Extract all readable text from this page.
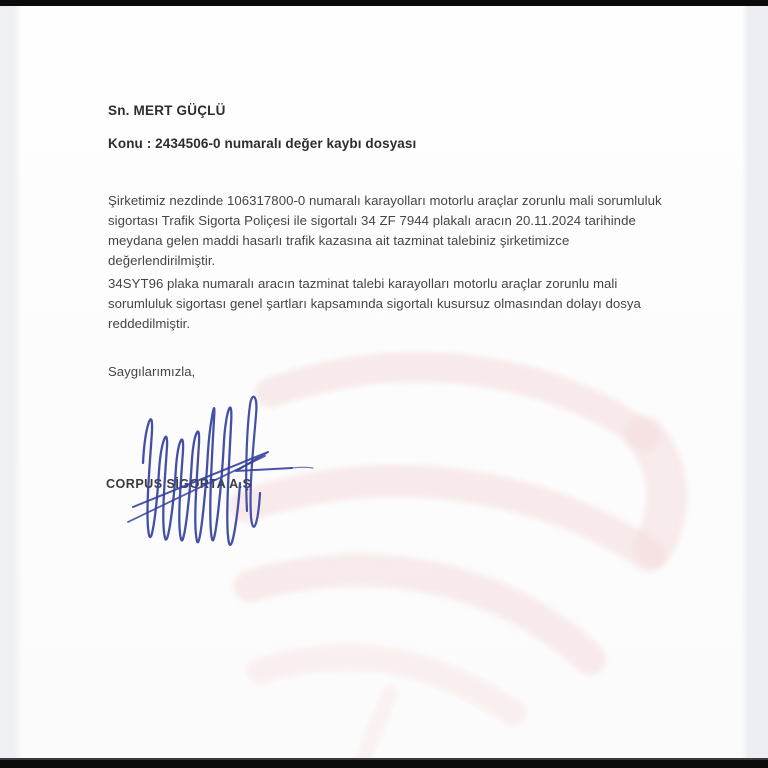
Sn. MERT GÜÇLÜ
Konu : 2434506-0 numaralı değer kaybı dosyası

Şirketimiz nezdinde 106317800-0 numaralı karayolları motorlu araçlar zorunlu mali sorumluluk sigortası Trafik Sigorta Poliçesi ile sigortalı 34 ZF 7944 plakalı aracın 20.11.2024 tarihinde meydana gelen maddi hasarlı trafik kazasına ait tazminat talebiniz şirketimizce değerlendirilmiştir.

34SYT96 plaka numaralı aracın tazminat talebi karayolları motorlu araçlar zorunlu mali sorumluluk sigortası genel şartları kapsamında sigortalı kusursuz olmasından dolayı dosya reddedilmiştir.

Saygılarımızla,
CORPUS SİGORTA A.Ş
